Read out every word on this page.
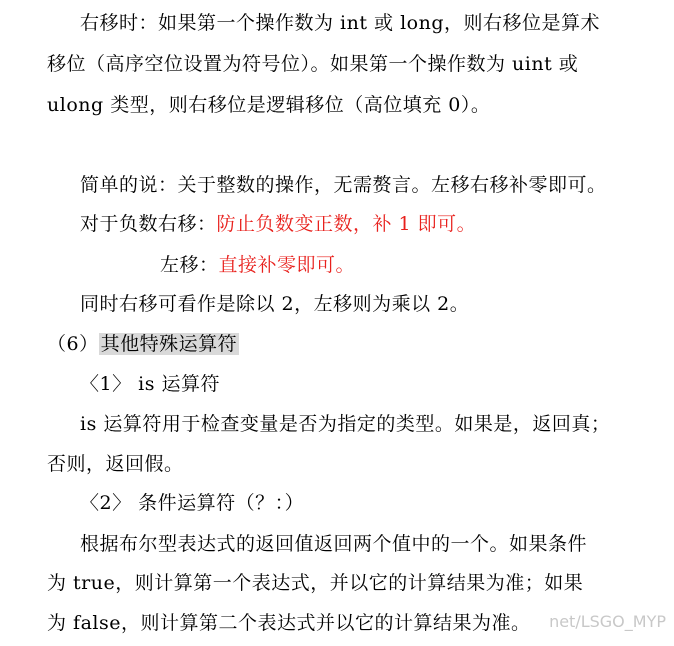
右移时：如果第一个操作数为 int 或 long，则右移位是算术
移位（高序空位设置为符号位）。如果第一个操作数为 uint 或
ulong 类型，则右移位是逻辑移位（高位填充 0）。
简单的说：关于整数的操作，无需赘言。左移右移补零即可。
对于负数右移：防止负数变正数，补 1 即可。
左移：直接补零即可。
同时右移可看作是除以 2，左移则为乘以 2。
（6） 其他特殊运算符
〈1〉 is 运算符
is 运算符用于检查变量是否为指定的类型。如果是，返回真；
否则，返回假。
〈2〉 条件运算符（？：）
根据布尔型表达式的返回值返回两个值中的一个。如果条件
为 true，则计算第一个表达式，并以它的计算结果为准；如果
为 false，则计算第二个表达式并以它的计算结果为准。 net/LSGO_MYP
